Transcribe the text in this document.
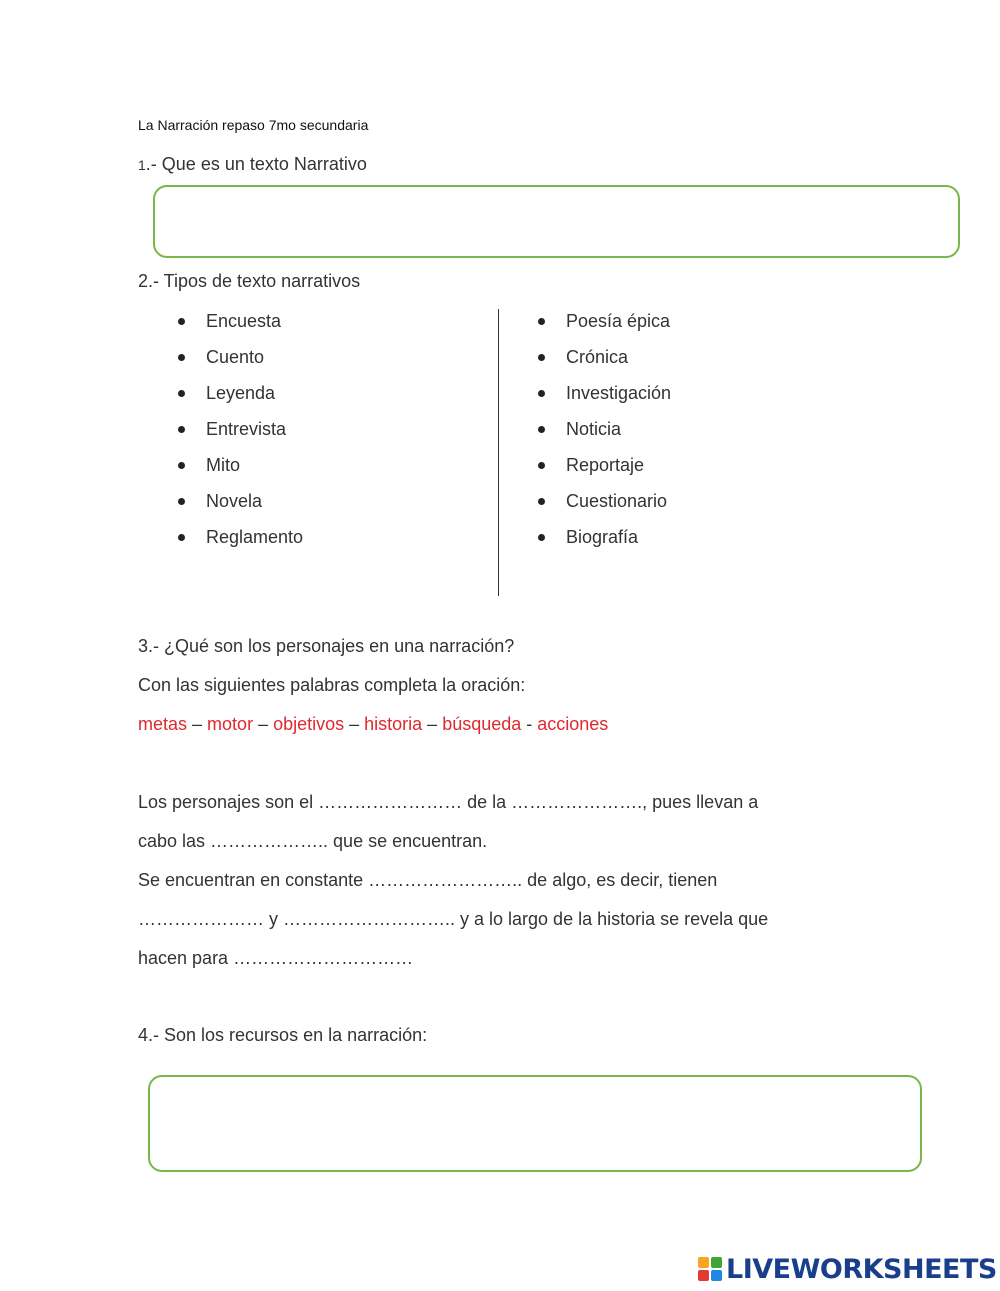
La Narración repaso 7mo secundaria
1.- Que es un texto Narrativo
2.- Tipos de texto narrativos
Encuesta
Cuento
Leyenda
Entrevista
Mito
Novela
Reglamento
Poesía épica
Crónica
Investigación
Noticia
Reportaje
Cuestionario
Biografía
3.- ¿Qué son los personajes en una narración?
Con las siguientes palabras completa la oración:
metas – motor – objetivos – historia – búsqueda - acciones
Los personajes son el …………………… de la …………………., pues llevan a
cabo las ……………….. que se encuentran.
Se encuentran en constante …………………….. de algo, es decir, tienen
………………… y ……………………….. y a lo largo de la historia se revela que
hacen para …………………………
4.- Son los recursos en la narración:
LIVEWORKSHEETS
